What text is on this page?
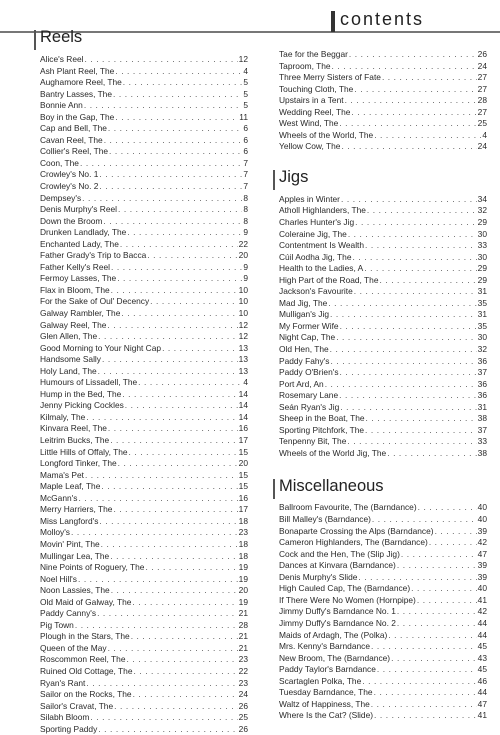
contents
Reels
Alice's Reel . . .	12
Ash Plant Reel, The . . .	4
Aughamore Reel, The . . .	5
Bantry Lasses, The . . .	5
Bonnie Ann . . .	5
Boy in the Gap, The . . .	11
Cap and Bell, The . . .	6
Cavan Reel, The . . .	6
Collier's Reel, The . . .	6
Coon, The . . .	7
Crowley's No. 1 . . .	7
Crowley's No. 2 . . .	7
Dempsey's . . .	8
Denis Murphy's Reel . . .	8
Down the Broom . . .	8
Drunken Landlady, The . . .	9
Enchanted Lady, The . . .	22
Father Grady's Trip to Bacca . . .	20
Father Kelly's Reel . . .	9
Fermoy Lasses, The . . .	9
Flax in Bloom, The . . .	10
For the Sake of Oul' Decency . . .	10
Galway Rambler, The . . .	10
Galway Reel, The . . .	12
Glen Allen, The . . .	12
Good Morning to Your Night Cap . . .	13
Handsome Sally . . .	13
Holy Land, The . . .	13
Humours of Lissadell, The . . .	4
Hump in the Bed, The . . .	14
Jenny Picking Cockles . . .	14
Kilmaly, The . . .	14
Kinvara Reel, The . . .	16
Leitrim Bucks, The . . .	17
Little Hills of Offaly, The . . .	15
Longford Tinker, The . . .	20
Mama's Pet . . .	15
Maple Leaf, The . . .	15
McGann's . . .	16
Merry Harriers, The . . .	17
Miss Langford's . . .	18
Molloy's . . .	23
Movin' Pint, The . . .	18
Mullingar Lea, The . . .	18
Nine Points of Roguery, The . . .	19
Noel Hill's . . .	19
Noon Lassies, The . . .	20
Old Maid of Galway, The . . .	19
Paddy Canny's . . .	21
Pig Town . . .	28
Plough in the Stars, The . . .	21
Queen of the May . . .	21
Roscommon Reel, The . . .	23
Ruined Old Cottage, The . . .	22
Ryan's Rant . . .	23
Sailor on the Rocks, The . . .	24
Sailor's Cravat, The . . .	26
Silabh Bloom . . .	25
Sporting Paddy . . .	26
Tae for the Beggar . . .	26
Taproom, The . . .	24
Three Merry Sisters of Fate . . .	27
Touching Cloth, The . . .	27
Upstairs in a Tent . . .	28
Wedding Reel, The . . .	27
West Wind, The . . .	25
Wheels of the World, The . . .	4
Yellow Cow, The . . .	24
Jigs
Apples in Winter . . .	34
Atholl Highlanders, The . . .	32
Charles Hunter's Jig . . .	29
Coleraine Jig, The . . .	30
Contentment Is Wealth . . .	33
Cúil Aodha Jig, The . . .	30
Health to the Ladies, A . . .	29
High Part of the Road, The . . .	29
Jackson's Favourite . . .	31
Mad Jig, The . . .	35
Mulligan's Jig . . .	31
My Former Wife . . .	35
Night Cap, The . . .	30
Old Hen, The . . .	32
Paddy Fahy's . . .	36
Paddy O'Brien's . . .	37
Port Ard, An . . .	36
Rosemary Lane . . .	36
Seán Ryan's Jig . . .	31
Sheep in the Boat, The . . .	38
Sporting Pitchfork, The . . .	37
Tenpenny Bit, The . . .	33
Wheels of the World Jig, The . . .	38
Miscellaneous
Ballroom Favourite, The (Barndance) . . .	40
Bill Malley's (Barndance) . . .	40
Bonaparte Crossing the Alps (Barndance) . . .	39
Cameron Highlanders, The (Barndance) . . .	42
Cock and the Hen, The (Slip Jig) . . .	47
Dances at Kinvara (Barndance) . . .	39
Denis Murphy's Slide . . .	39
High Cauled Cap, The (Barndance) . . .	40
If There Were No Women (Hornpipe) . . .	41
Jimmy Duffy's Barndance No. 1 . . .	42
Jimmy Duffy's Barndance No. 2 . . .	44
Maids of Ardagh, The (Polka) . . .	44
Mrs. Kenny's Barndance . . .	45
New Broom, The (Barndance) . . .	43
Paddy Taylor's Barndance . . .	45
Scartaglen Polka, The . . .	46
Tuesday Barndance, The . . .	44
Waltz of Happiness, The . . .	47
Where Is the Cat? (Slide) . . .	41
